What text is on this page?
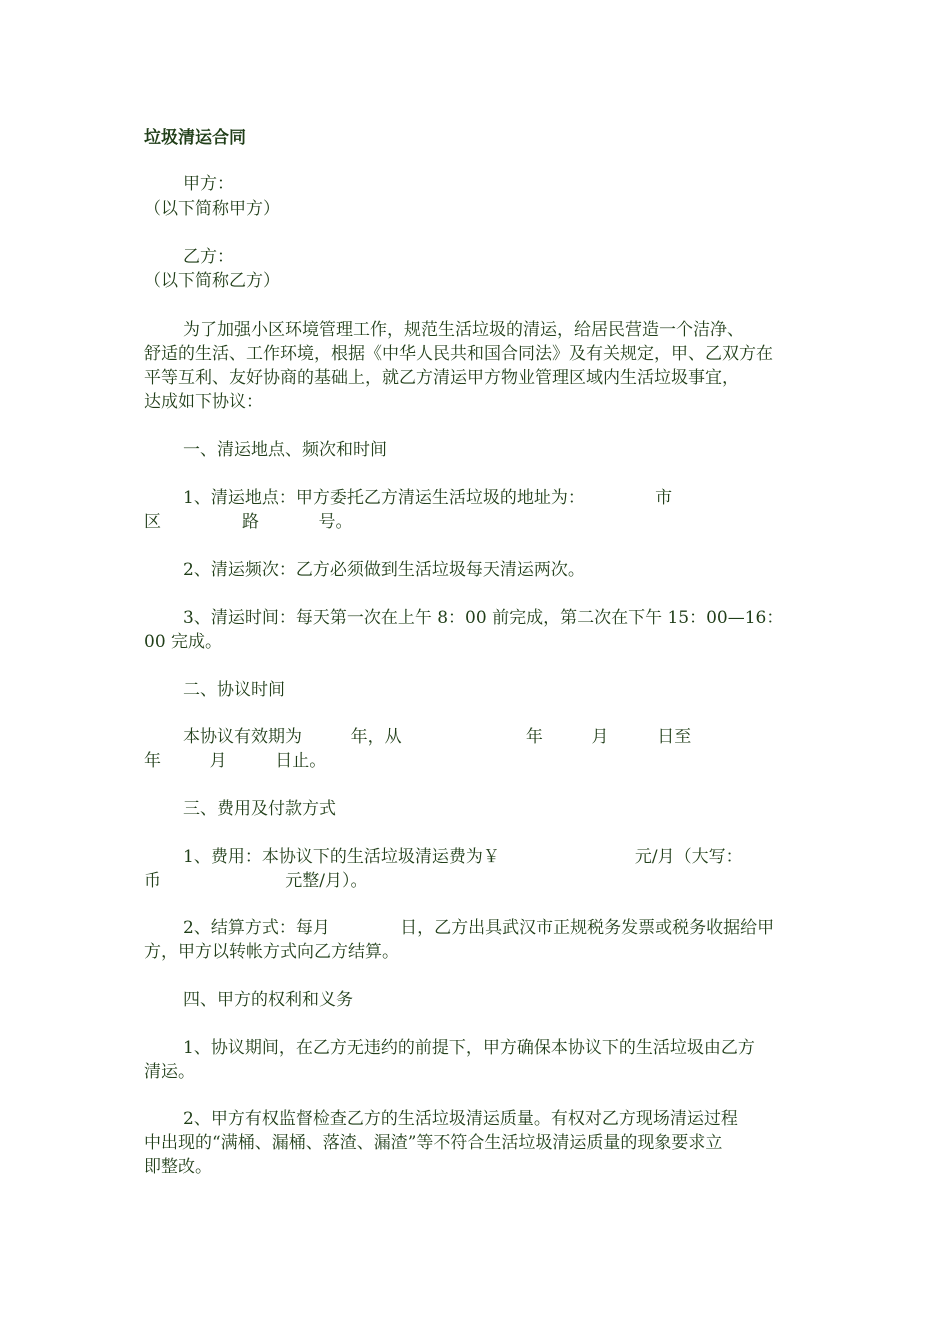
垃圾清运合同
甲方：
（以下简称甲方）
乙方：
（以下简称乙方）
为了加强小区环境管理工作，规范生活垃圾的清运，给居民营造一个洁净、
舒适的生活、工作环境，根据《中华人民共和国合同法》及有关规定，甲、乙双方在
平等互利、友好协商的基础上，就乙方清运甲方物业管理区域内生活垃圾事宜，
达成如下协议：
一、清运地点、频次和时间
1、清运地点：甲方委托乙方清运生活垃圾的地址为：             市
区               路           号。
2、清运频次：乙方必须做到生活垃圾每天清运两次。
3、清运时间：每天第一次在上午 8：00 前完成，第二次在下午 15：00—16：
00 完成。
二、协议时间
本协议有效期为         年，从                       年         月         日至
年         月         日止。
三、费用及付款方式
1、费用：本协议下的生活垃圾清运费为￥                         元/月（大写：
币                       元整/月）。
2、结算方式：每月             日，乙方出具武汉市正规税务发票或税务收据给甲
方，甲方以转帐方式向乙方结算。
四、甲方的权利和义务
1、协议期间，在乙方无违约的前提下，甲方确保本协议下的生活垃圾由乙方
清运。
2、甲方有权监督检查乙方的生活垃圾清运质量。有权对乙方现场清运过程
中出现的“满桶、漏桶、落渣、漏渣”等不符合生活垃圾清运质量的现象要求立
即整改。
